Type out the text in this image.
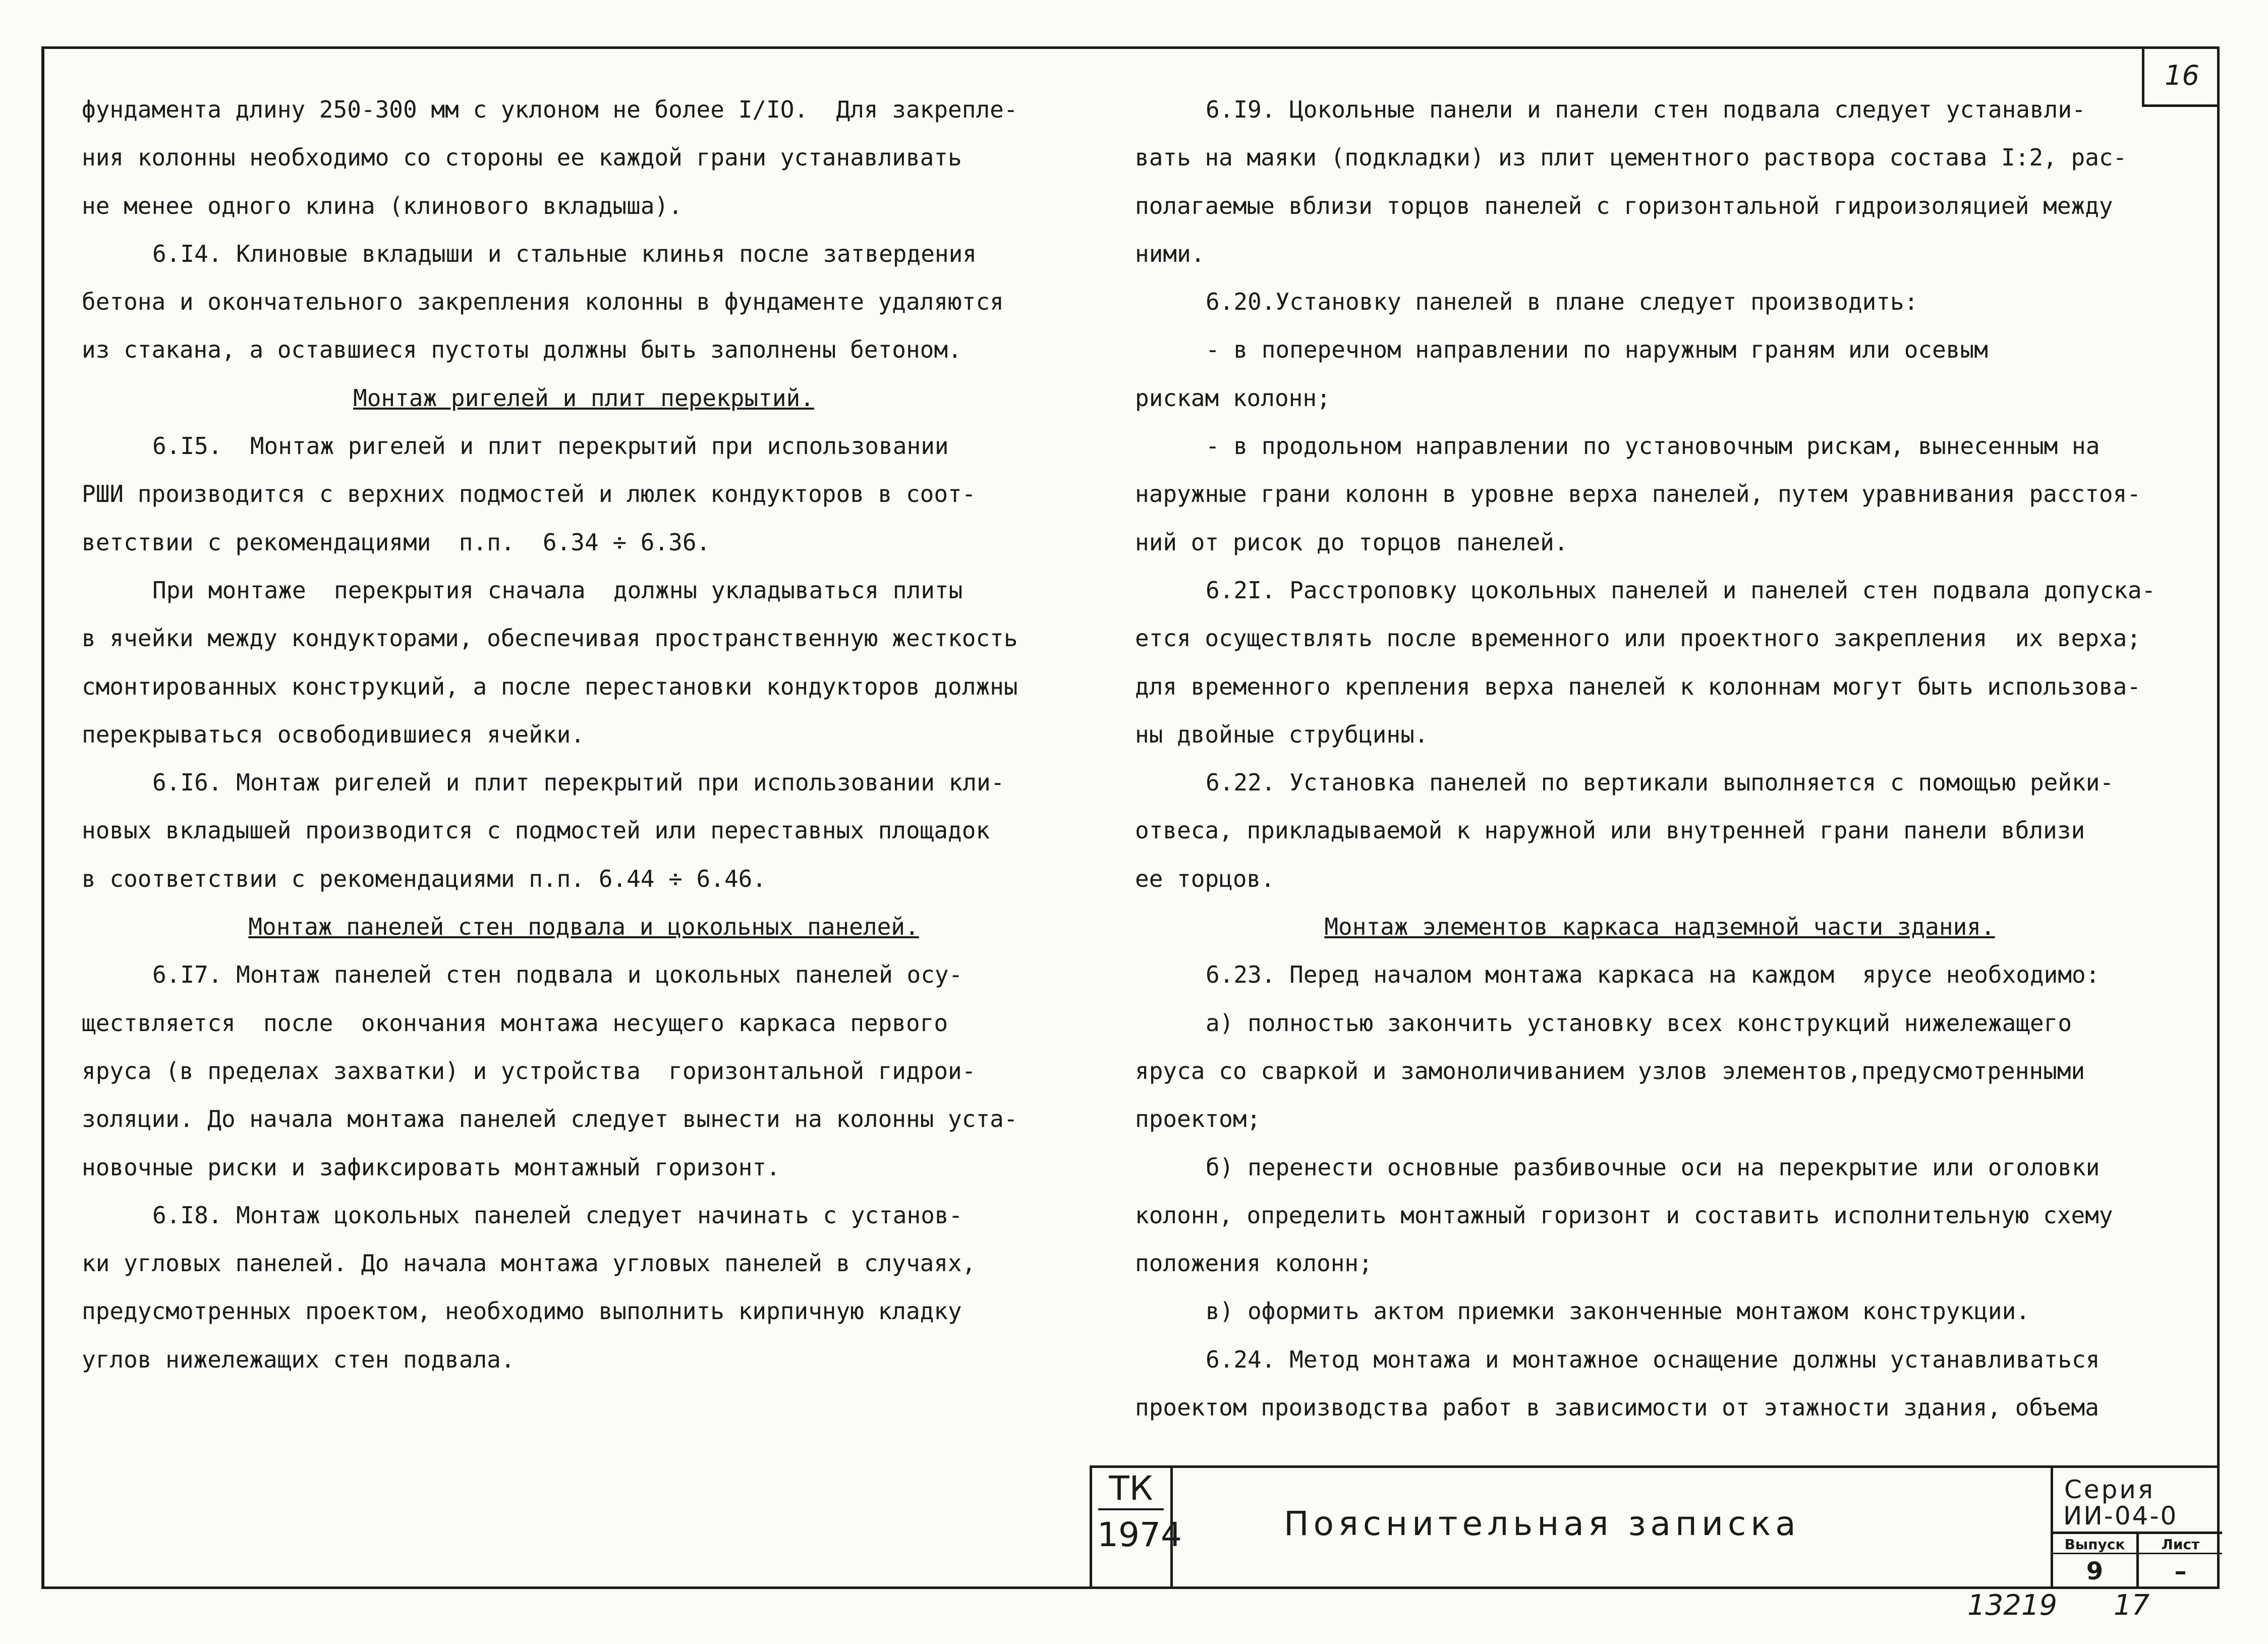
16

фундамента длину 250-300 мм с уклоном не более I/IO.  Для закрепле-

ния колонны необходимо со стороны ее каждой грани устанавливать

не менее одного клина (клинового вкладыша).

6.I4. Клиновые вкладыши и стальные клинья после затвердения

бетона и окончательного закрепления колонны в фундаменте удаляются

из стакана, а оставшиеся пустоты должны быть заполнены бетоном.

Монтаж ригелей и плит перекрытий.

6.I5.  Монтаж ригелей и плит перекрытий при использовании

РШИ производится с верхних подмостей и люлек кондукторов в соот-

ветствии с рекомендациями  п.п.  6.34 ÷ 6.36.

При монтаже  перекрытия сначала  должны укладываться плиты

в ячейки между кондукторами, обеспечивая пространственную жесткость

смонтированных конструкций, а после перестановки кондукторов должны

перекрываться освободившиеся ячейки.

6.I6. Монтаж ригелей и плит перекрытий при использовании кли-

новых вкладышей производится с подмостей или переставных площадок

в соответствии с рекомендациями п.п. 6.44 ÷ 6.46.

Монтаж панелей стен подвала и цокольных панелей.

6.I7. Монтаж панелей стен подвала и цокольных панелей осу-

ществляется  после  окончания монтажа несущего каркаса первого

яруса (в пределах захватки) и устройства  горизонтальной гидрои-

золяции. До начала монтажа панелей следует вынести на колонны уста-

новочные риски и зафиксировать монтажный горизонт.

6.I8. Монтаж цокольных панелей следует начинать с установ-

ки угловых панелей. До начала монтажа угловых панелей в случаях,

предусмотренных проектом, необходимо выполнить кирпичную кладку

углов нижележащих стен подвала.

6.I9. Цокольные панели и панели стен подвала следует устанавли-

вать на маяки (подкладки) из плит цементного раствора состава I:2, рас-

полагаемые вблизи торцов панелей с горизонтальной гидроизоляцией между

ними.

6.20.Установку панелей в плане следует производить:

- в поперечном направлении по наружным граням или осевым

рискам колонн;

- в продольном направлении по установочным рискам, вынесенным на

наружные грани колонн в уровне верха панелей, путем уравнивания расстоя-

ний от рисок до торцов панелей.

6.2I. Расстроповку цокольных панелей и панелей стен подвала допуска-

ется осуществлять после временного или проектного закрепления  их верха;

для временного крепления верха панелей к колоннам могут быть использова-

ны двойные струбцины.

6.22. Установка панелей по вертикали выполняется с помощью рейки-

отвеса, прикладываемой к наружной или внутренней грани панели вблизи

ее торцов.

Монтаж элементов каркаса надземной части здания.

6.23. Перед началом монтажа каркаса на каждом  ярусе необходимо:

а) полностью закончить установку всех конструкций нижележащего

яруса со сваркой и замоноличиванием узлов элементов,предусмотренными

проектом;

б) перенести основные разбивочные оси на перекрытие или оголовки

колонн, определить монтажный горизонт и составить исполнительную схему

положения колонн;

в) оформить актом приемки законченные монтажом конструкции.

6.24. Метод монтажа и монтажное оснащение должны устанавливаться

проектом производства работ в зависимости от этажности здания, объема

ТК
1974	Пояснительная записка
Серия
ИИ-04-0
Выпуск
9
Лист
–
13219 17
